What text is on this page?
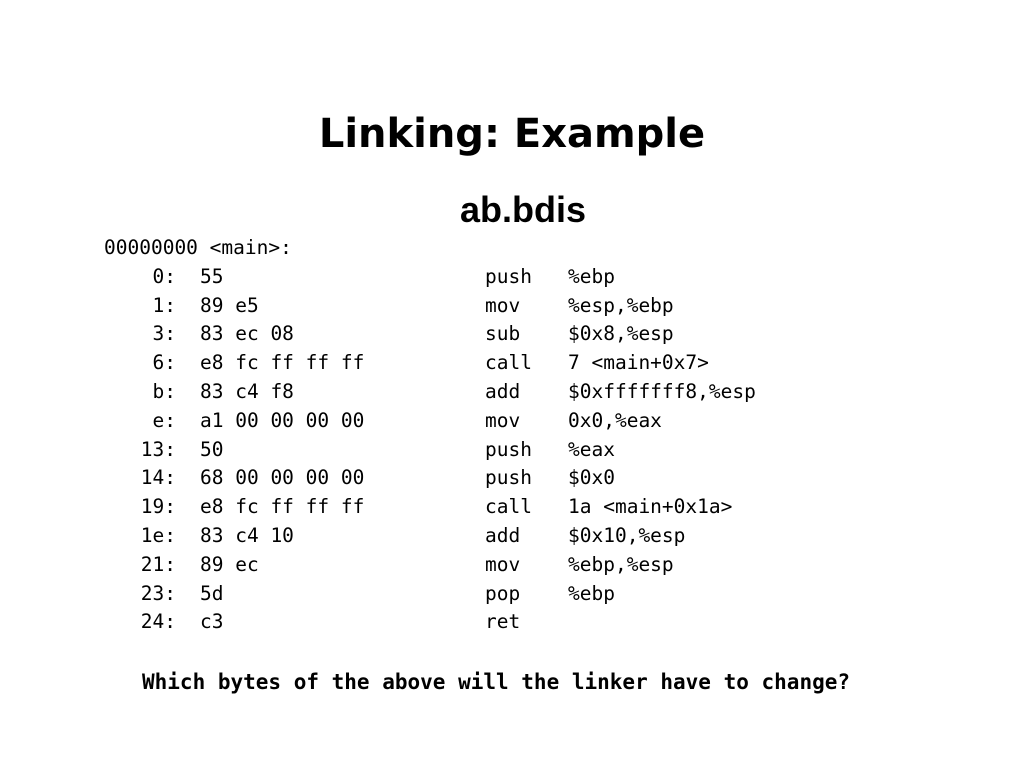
Linking: Example
ab.bdis
00000000 <main>:
0: 55	push %ebp
1: 89 e5	mov %esp,%ebp
3: 83 ec 08	sub $0x8,%esp
6: e8 fc ff ff ff	call 7 <main+0x7>
b: 83 c4 f8	add $0xfffffff8,%esp
e: a1 00 00 00 00	mov 0x0,%eax
13: 50	push %eax
14: 68 00 00 00 00	push $0x0
19: e8 fc ff ff ff	call 1a <main+0x1a>
1e: 83 c4 10	add $0x10,%esp
21: 89 ec	mov %ebp,%esp
23: 5d	pop %ebp
24: c3	ret

Which bytes of the above will the linker have to change?
